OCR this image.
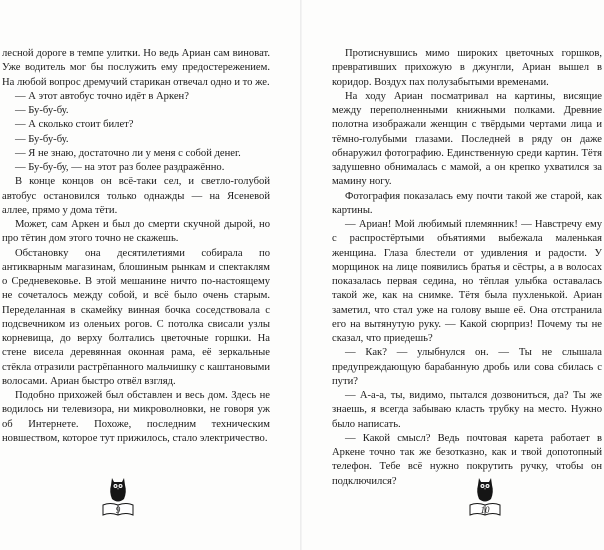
лесной дороге в темпе улитки. Но ведь Ариан сам виноват. Уже водитель мог бы послужить ему предостережением. На любой вопрос дремучий старикан отвечал одно и то же.

— А этот автобус точно идёт в Аркен?

— Бу-бу-бу.

— А сколько стоит билет?

— Бу-бу-бу.

— Я не знаю, достаточно ли у меня с собой денег.

— Бу-бу-бу, — на этот раз более раздражённо.

В конце концов он всё-таки сел, и светло-голубой автобус остановился только однажды — на Ясеневой аллее, прямо у дома тёти.

Может, сам Аркен и был до смерти скучной дырой, но про тётин дом этого точно не скажешь.

Обстановку она десятилетиями собирала по антикварным магазинам, блошиным рынкам и спектаклям о Средневековье. В этой мешанине ничто по-настоящему не сочеталось между собой, и всё было очень старым. Переделанная в скамейку винная бочка соседствовала с подсвечником из оленьих рогов. С потолка свисали узлы корневища, до верху болтались цветочные горшки. На стене висела деревянная оконная рама, её зеркальные стёкла отразили растрёпанного мальчишку с каштановыми волосами. Ариан быстро отвёл взгляд.

Подобно прихожей был обставлен и весь дом. Здесь не водилось ни телевизора, ни микроволновки, не говоря уж об Интернете. Похоже, последним техническим новшеством, которое тут прижилось, стало электричество.

9

Протиснувшись мимо широких цветочных горшков, превративших прихожую в джунгли, Ариан вышел в коридор. Воздух пах полузабытыми временами.

На ходу Ариан посматривал на картины, висящие между переполненными книжными полками. Древние полотна изображали женщин с твёрдыми чертами лица и тёмно-голубыми глазами. Последней в ряду он даже обнаружил фотографию. Единственную среди картин. Тётя задушевно обнималась с мамой, а он крепко ухватился за мамину ногу.

Фотография показалась ему почти такой же старой, как картины.

— Ариан! Мой любимый племянник! — Навстречу ему с распростёртыми объятиями выбежала маленькая женщина. Глаза блестели от удивления и радости. У морщинок на лице появились братья и сёстры, а в волосах показалась первая седина, но тёплая улыбка оставалась такой же, как на снимке. Тётя была пухленькой. Ариан заметил, что стал уже на голову выше её. Она отстранила его на вытянутую руку. — Какой сюрприз! Почему ты не сказал, что приедешь?

— Как? — улыбнулся он. — Ты не слышала предупреждающую барабанную дробь или сова сбилась с пути?

— А-а-а, ты, видимо, пытался дозвониться, да? Ты же знаешь, я всегда забываю класть трубку на место. Нужно было написать.

— Какой смысл? Ведь почтовая карета работает в Аркене точно так же безотказно, как и твой допотопный телефон. Тебе всё нужно покрутить ручку, чтобы он подключился?

10
